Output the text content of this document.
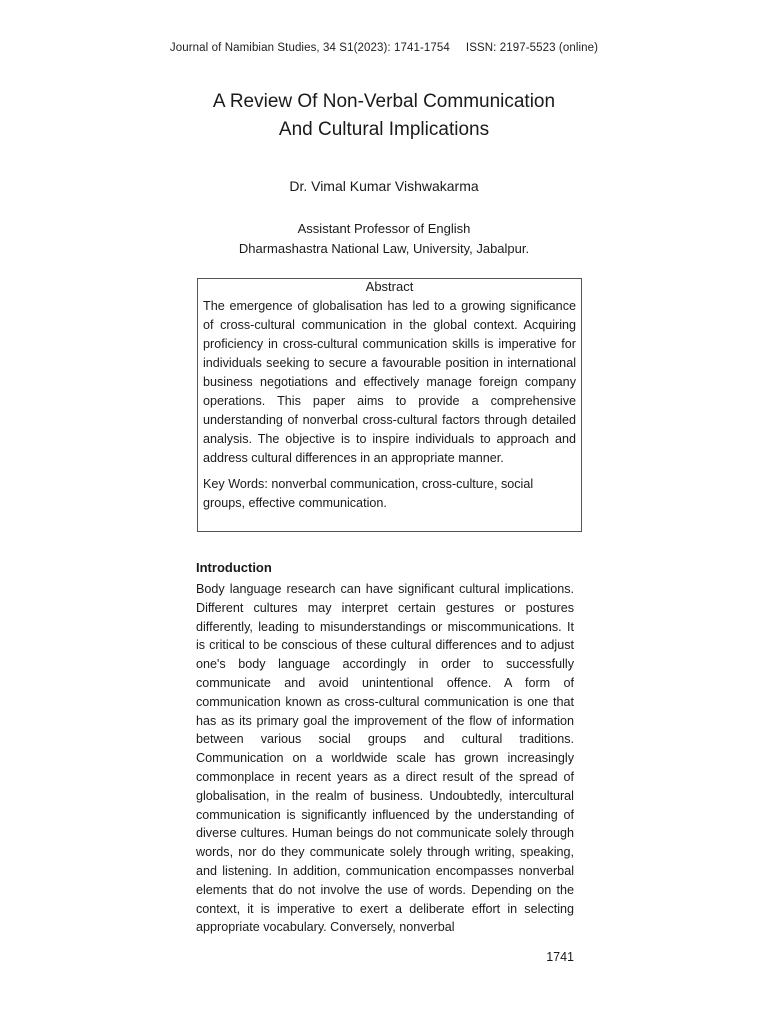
Journal of Namibian Studies, 34 S1(2023): 1741-1754 ISSN: 2197-5523 (online)
A Review Of Non-Verbal Communication
And Cultural Implications
Dr. Vimal Kumar Vishwakarma
Assistant Professor of English
Dharmashastra National Law, University, Jabalpur.
Abstract
The emergence of globalisation has led to a growing significance of cross-cultural communication in the global context. Acquiring proficiency in cross-cultural communication skills is imperative for individuals seeking to secure a favourable position in international business negotiations and effectively manage foreign company operations. This paper aims to provide a comprehensive understanding of nonverbal cross-cultural factors through detailed analysis. The objective is to inspire individuals to approach and address cultural differences in an appropriate manner.
Key Words: nonverbal communication, cross-culture, social groups, effective communication.
Introduction
Body language research can have significant cultural implications. Different cultures may interpret certain gestures or postures differently, leading to misunderstandings or miscommunications. It is critical to be conscious of these cultural differences and to adjust one's body language accordingly in order to successfully communicate and avoid unintentional offence. A form of communication known as cross-cultural communication is one that has as its primary goal the improvement of the flow of information between various social groups and cultural traditions. Communication on a worldwide scale has grown increasingly commonplace in recent years as a direct result of the spread of globalisation, in the realm of business. Undoubtedly, intercultural communication is significantly influenced by the understanding of diverse cultures. Human beings do not communicate solely through words, nor do they communicate solely through writing, speaking, and listening. In addition, communication encompasses nonverbal elements that do not involve the use of words. Depending on the context, it is imperative to exert a deliberate effort in selecting appropriate vocabulary. Conversely, nonverbal
1741
